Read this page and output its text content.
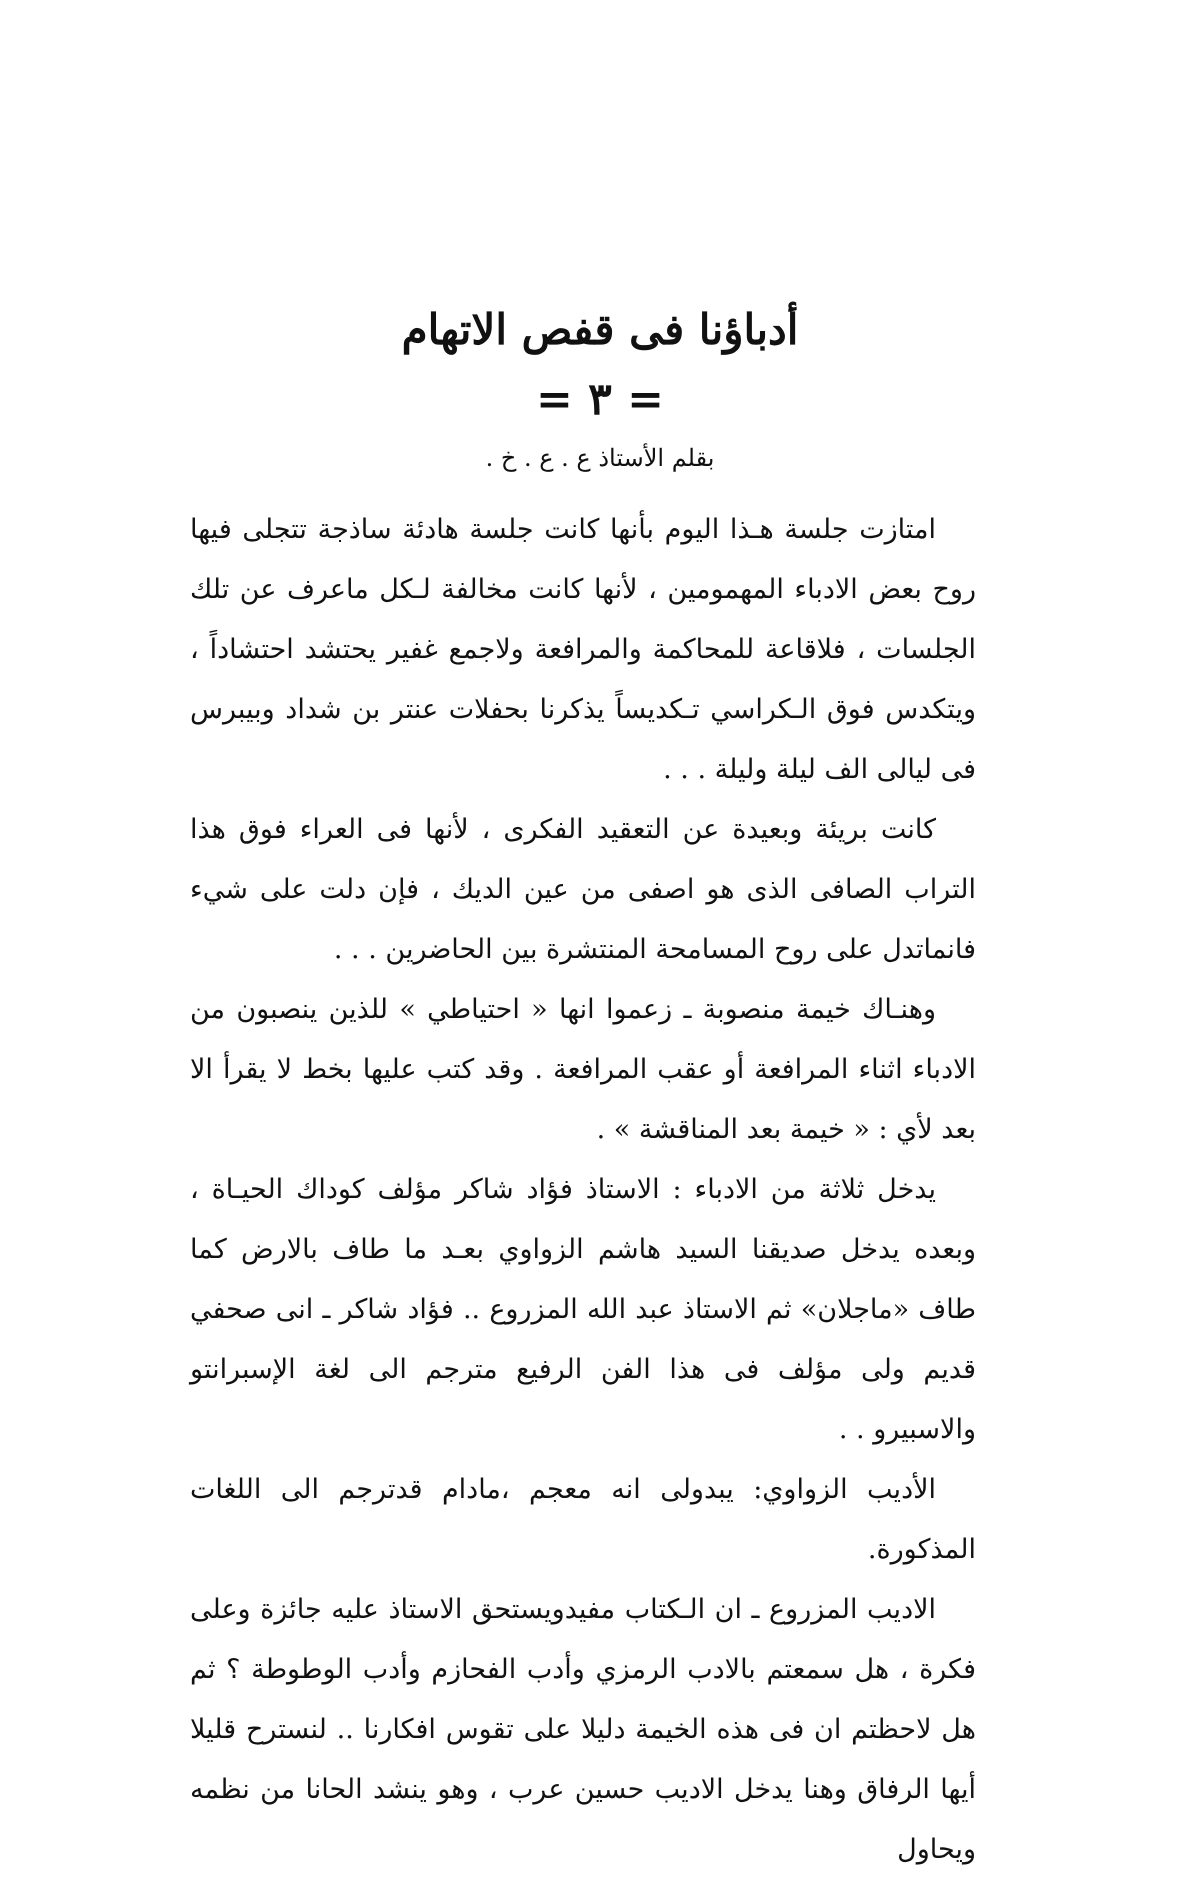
أدباؤنا فى قفص الاتهام
= ٣ =
بقلم الأستاذ ع . ع . خ .

امتازت جلسة هـذا اليوم بأنها كانت جلسة هادئة ساذجة تتجلى فيها روح بعض الادباء المهمومين ، لأنها كانت مخالفة لـكل ماعرف عن تلك الجلسات ، فلاقاعة للمحاكمة والمرافعة ولاجمع غفير يحتشد احتشاداً ، ويتكدس فوق الـكراسي تـكديساً يذكرنا بحفلات عنتر بن شداد وبيبرس فى ليالى الف ليلة وليلة . . .

كانت بريئة وبعيدة عن التعقيد الفكرى ، لأنها فى العراء فوق هذا التراب الصافى الذى هو اصفى من عين الديك ، فإن دلت على شيء فانماتدل على روح المسامحة المنتشرة بين الحاضرين . . .

وهنـاك خيمة منصوبة ـ زعموا انها « احتياطي » للذين ينصبون من الادباء اثناء المرافعة أو عقب المرافعة . وقد كتب عليها بخط لا يقرأ الا بعد لأي : « خيمة بعد المناقشة » .

يدخل ثلاثة من الادباء : الاستاذ فؤاد شاكر مؤلف كوداك الحيـاة ، وبعده يدخل صديقنا السيد هاشم الزواوي بعـد ما طاف بالارض كما طاف «ماجلان» ثم الاستاذ عبد الله المزروع .. فؤاد شاكر ـ انى صحفي قديم ولى مؤلف فى هذا الفن الرفيع مترجم الى لغة الإسبرانتو والاسبيرو . .

الأديب الزواوي: يبدولى انه معجم ،مادام قدترجم الى اللغات المذكورة.

الاديب المزروع ـ ان الـكتاب مفيدويستحق الاستاذ عليه جائزة وعلى فكرة ، هل سمعتم بالادب الرمزي وأدب الفحازم وأدب الوطوطة ؟ ثم هل لاحظتم ان فى هذه الخيمة دليلا على تقوس افكارنا .. لنسترح قليلا أيها الرفاق وهنا يدخل الاديب حسين عرب ، وهو ينشد الحانا من نظمه ويحاول
